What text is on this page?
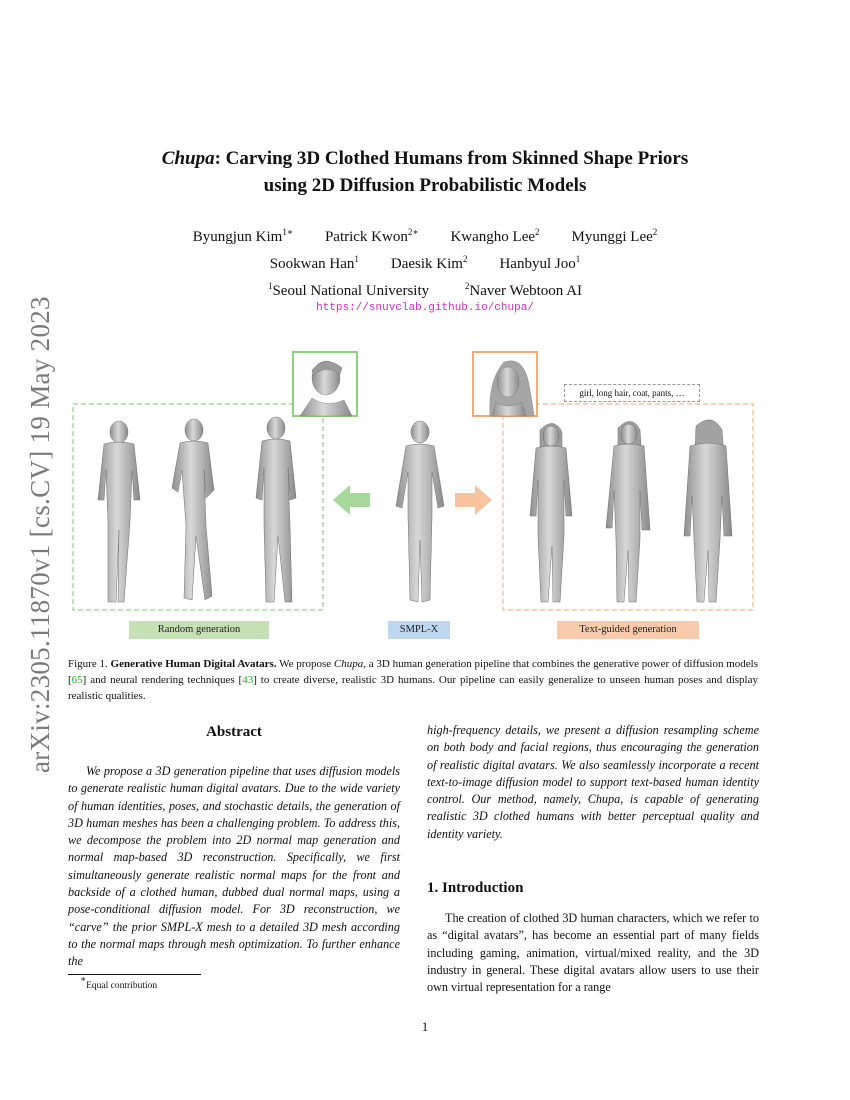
arXiv:2305.11870v1 [cs.CV] 19 May 2023
Chupa: Carving 3D Clothed Humans from Skinned Shape Priors
using 2D Diffusion Probabilistic Models
Byungjun Kim$^{1∗}$ Patrick Kwon$^{2∗}$ Kwangho Lee$^2$ Myunggi Lee$^2$
Sookwan Han$^1$ Daesik Kim$^2$ Hanbyul Joo$^1$
$^1$Seoul National University	$^2$Naver Webtoon AI
https://snuvclab.github.io/chupa/
girl, long hair, coat, pants, …
Random generation	SMPL-X	Text-guided generation
Figure 1. Generative Human Digital Avatars. We propose Chupa, a 3D human generation pipeline that combines the generative power of diffusion models [65] and neural rendering techniques [43] to create diverse, realistic 3D humans. Our pipeline can easily generalize to unseen human poses and display realistic qualities.
Abstract
We propose a 3D generation pipeline that uses diffusion models to generate realistic human digital avatars. Due to the wide variety of human identities, poses, and stochastic details, the generation of 3D human meshes has been a challenging problem. To address this, we decompose the problem into 2D normal map generation and normal map-based 3D reconstruction. Specifically, we first simultaneously generate realistic normal maps for the front and backside of a clothed human, dubbed dual normal maps, using a pose-conditional diffusion model. For 3D reconstruction, we “carve” the prior SMPL-X mesh to a detailed 3D mesh according to the normal maps through mesh optimization. To further enhance the
high-frequency details, we present a diffusion resampling scheme on both body and facial regions, thus encouraging the generation of realistic digital avatars. We also seamlessly incorporate a recent text-to-image diffusion model to support text-based human identity control. Our method, namely, Chupa, is capable of generating realistic 3D clothed humans with better perceptual quality and identity variety.
∗Equal contribution
1. Introduction
The creation of clothed 3D human characters, which we refer to as “digital avatars”, has become an essential part of many fields including gaming, animation, virtual/mixed reality, and the 3D industry in general. These digital avatars allow users to use their own virtual representation for a range
1
